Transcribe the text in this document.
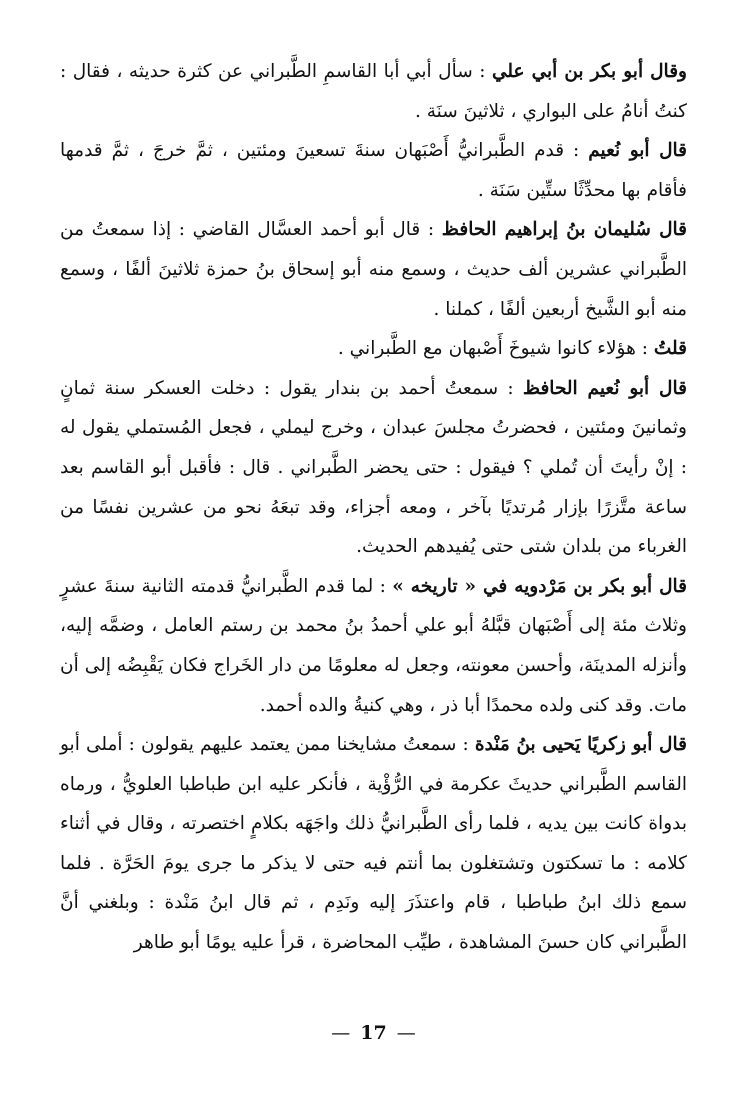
وقال أبو بكر بن أبي علي : سأل أبي أبا القاسمِ الطَّبراني عن كثرة حديثه ، فقال : كنتُ أنامُ على البواري ، ثلاثينَ سنَة .

قال أبو نُعيم : قدم الطَّبرانيُّ أَصْبَهان سنةَ تسعينَ ومئتين ، ثمَّ خرجَ ، ثمَّ قدمها فأقام بها محدِّثًا ستِّين سَنَة .

قال سُليمان بنُ إبراهيم الحافظ : قال أبو أحمد العسَّال القاضي : إذا سمعتُ من الطَّبراني عشرين ألف حديث ، وسمع منه أبو إسحاق بنُ حمزة ثلاثينَ ألفًا ، وسمع منه أبو الشَّيخ أربعين ألفًا ، كملنا .

قلتُ : هؤلاء كانوا شيوخَ أَصْبهان مع الطَّبراني .

قال أبو نُعيم الحافظ : سمعتُ أحمد بن بندار يقول : دخلت العسكر سنة ثمانٍ وثمانينَ ومئتين ، فحضرتُ مجلسَ عبدان ، وخرج ليملي ، فجعل المُستملي يقول له : إنْ رأيتَ أن تُملي ؟ فيقول : حتى يحضر الطَّبراني . قال : فأقبل أبو القاسم بعد ساعة متَّزرًا بإزار مُرتديًا بآخر ، ومعه أجزاء، وقد تبعَهُ نحو من عشرين نفسًا من الغرباء من بلدان شتى حتى يُفيدهم الحديث.

قال أبو بكر بن مَرْدويه في « تاريخه » : لما قدم الطَّبرانيُّ قدمته الثانية سنةَ عشرٍ وثلاث مئة إلى أَصْبَهان قبَّلهُ أبو علي أحمدُ بنُ محمد بن رستم العامل ، وضمَّه إليه، وأنزله المدينَة، وأحسن معونته، وجعل له معلومًا من دار الخَراج فكان يَقْبِضُه إلى أن مات. وقد كنى ولده محمدًا أبا ذر ، وهي كنيةُ والده أحمد.

قال أبو زكريًا يَحيى بنُ مَنْدة : سمعتُ مشايخنا ممن يعتمد عليهم يقولون : أملى أبو القاسم الطَّبراني حديثَ عكرمة في الرُّؤْية ، فأنكر عليه ابن طباطبا العلويُّ ، ورماه بدواة كانت بين يديه ، فلما رأى الطَّبرانيُّ ذلك واجَهَه بكلامٍ اختصرته ، وقال في أثناء كلامه : ما تسكتون وتشتغلون بما أنتم فيه حتى لا يذكر ما جرى يومَ الحَرَّة . فلما سمع ذلك ابنُ طباطبا ، قام واعتذَرَ إليه ونَدِم ، ثم قال ابنُ مَنْدة : وبلغني أنَّ الطَّبراني كان حسنَ المشاهدة ، طيِّب المحاضرة ، قرأ عليه يومًا أبو طاهر

— 17 —
